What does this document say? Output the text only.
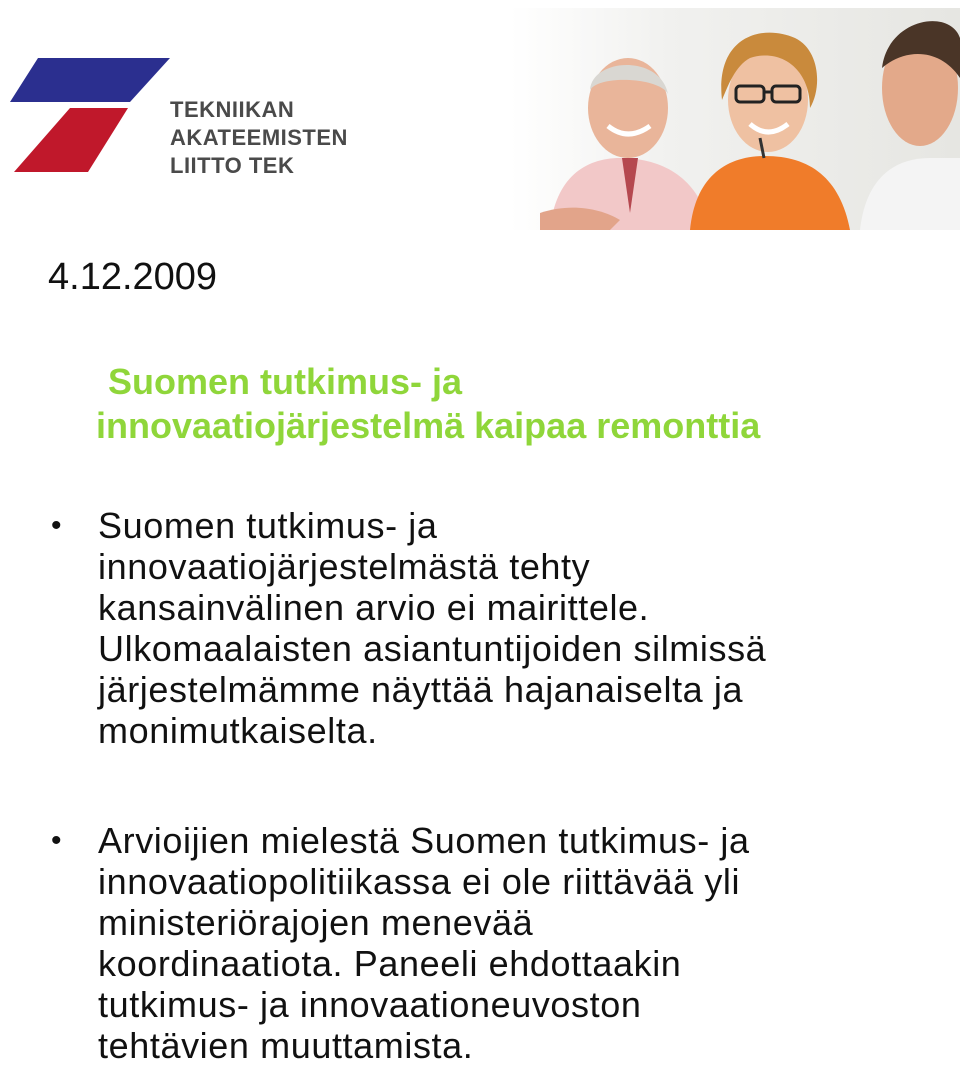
TEKNIIKAN
AKATEEMISTEN
LIITTO TEK
4.12.2009
Suomen tutkimus- ja
innovaatiojärjestelmä kaipaa remonttia
• Suomen tutkimus- ja
innovaatiojärjestelmästä tehty
kansainvälinen arvio ei mairittele.
Ulkomaalaisten asiantuntijoiden silmissä
järjestelmämme näyttää hajanaiselta ja
monimutkaiselta.
• Arvioijien mielestä Suomen tutkimus- ja
innovaatiopolitiikassa ei ole riittävää yli
ministeriörajojen menevää
koordinaatiota. Paneeli ehdottaakin
tutkimus- ja innovaationeuvoston
tehtävien muuttamista.
